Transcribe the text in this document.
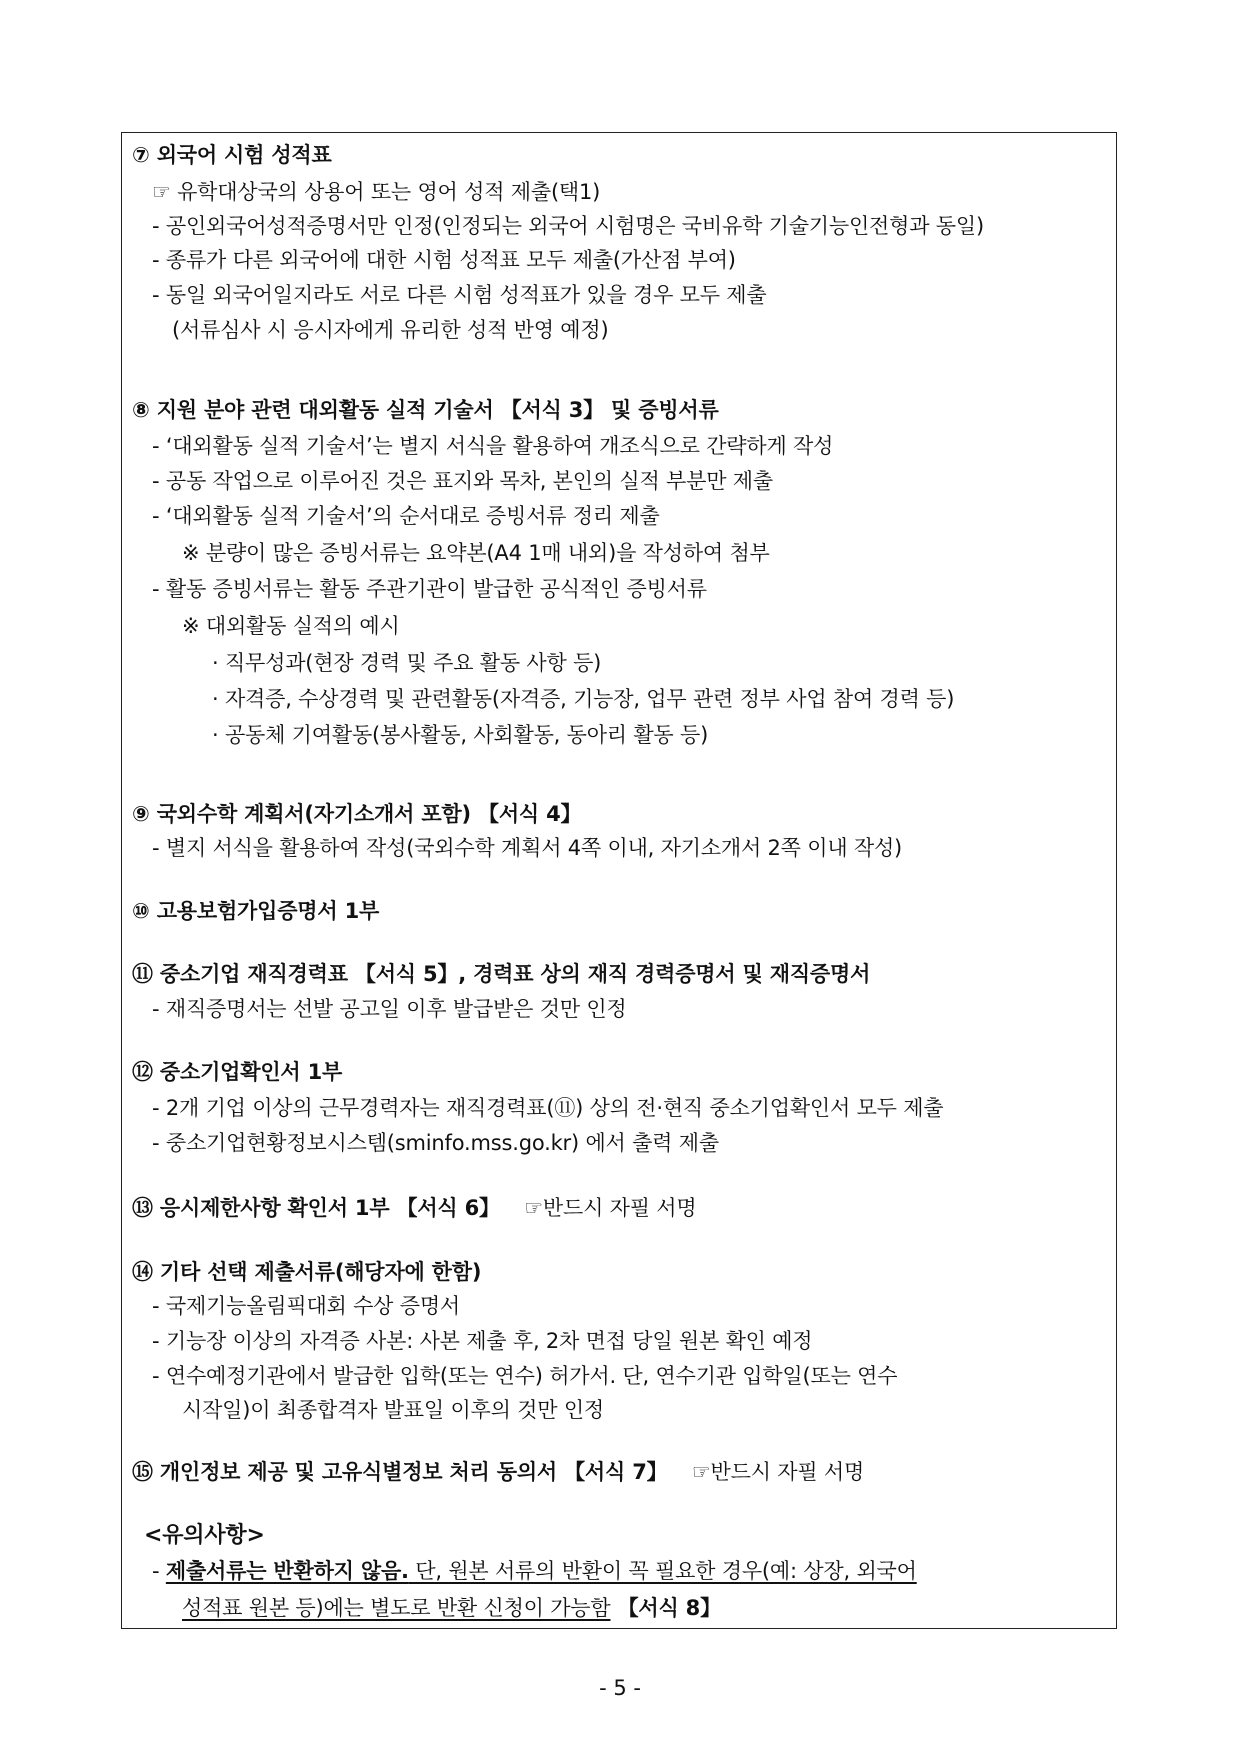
⑦ 외국어 시험 성적표
☞ 유학대상국의 상용어 또는 영어 성적 제출(택1)
- 공인외국어성적증명서만 인정(인정되는 외국어 시험명은 국비유학 기술기능인전형과 동일)
- 종류가 다른 외국어에 대한 시험 성적표 모두 제출(가산점 부여)
- 동일 외국어일지라도 서로 다른 시험 성적표가 있을 경우 모두 제출
(서류심사 시 응시자에게 유리한 성적 반영 예정)
⑧ 지원 분야 관련 대외활동 실적 기술서 【서식 3】 및 증빙서류
- ‘대외활동 실적 기술서’는 별지 서식을 활용하여 개조식으로 간략하게 작성
- 공동 작업으로 이루어진 것은 표지와 목차, 본인의 실적 부분만 제출
- ‘대외활동 실적 기술서’의 순서대로 증빙서류 정리 제출
※ 분량이 많은 증빙서류는 요약본(A4 1매 내외)을 작성하여 첨부
- 활동 증빙서류는 활동 주관기관이 발급한 공식적인 증빙서류
※ 대외활동 실적의 예시
· 직무성과(현장 경력 및 주요 활동 사항 등)
· 자격증, 수상경력 및 관련활동(자격증, 기능장, 업무 관련 정부 사업 참여 경력 등)
· 공동체 기여활동(봉사활동, 사회활동, 동아리 활동 등)
⑨ 국외수학 계획서(자기소개서 포함) 【서식 4】
- 별지 서식을 활용하여 작성(국외수학 계획서 4쪽 이내, 자기소개서 2쪽 이내 작성)
⑩ 고용보험가입증명서 1부
⑪ 중소기업 재직경력표 【서식 5】, 경력표 상의 재직 경력증명서 및 재직증명서
- 재직증명서는 선발 공고일 이후 발급받은 것만 인정
⑫ 중소기업확인서 1부
- 2개 기업 이상의 근무경력자는 재직경력표(⑪) 상의 전·현직 중소기업확인서 모두 제출
- 중소기업현황정보시스템(sminfo.mss.go.kr) 에서 출력 제출
⑬ 응시제한사항 확인서 1부 【서식 6】 ☞반드시 자필 서명
⑭ 기타 선택 제출서류(해당자에 한함)
- 국제기능올림픽대회 수상 증명서
- 기능장 이상의 자격증 사본: 사본 제출 후, 2차 면접 당일 원본 확인 예정
- 연수예정기관에서 발급한 입학(또는 연수) 허가서. 단, 연수기관 입학일(또는 연수
시작일)이 최종합격자 발표일 이후의 것만 인정
⑮ 개인정보 제공 및 고유식별정보 처리 동의서 【서식 7】 ☞반드시 자필 서명
<유의사항>
- 제출서류는 반환하지 않음. 단, 원본 서류의 반환이 꼭 필요한 경우(예: 상장, 외국어
성적표 원본 등)에는 별도로 반환 신청이 가능함 【서식 8】
- 5 -
